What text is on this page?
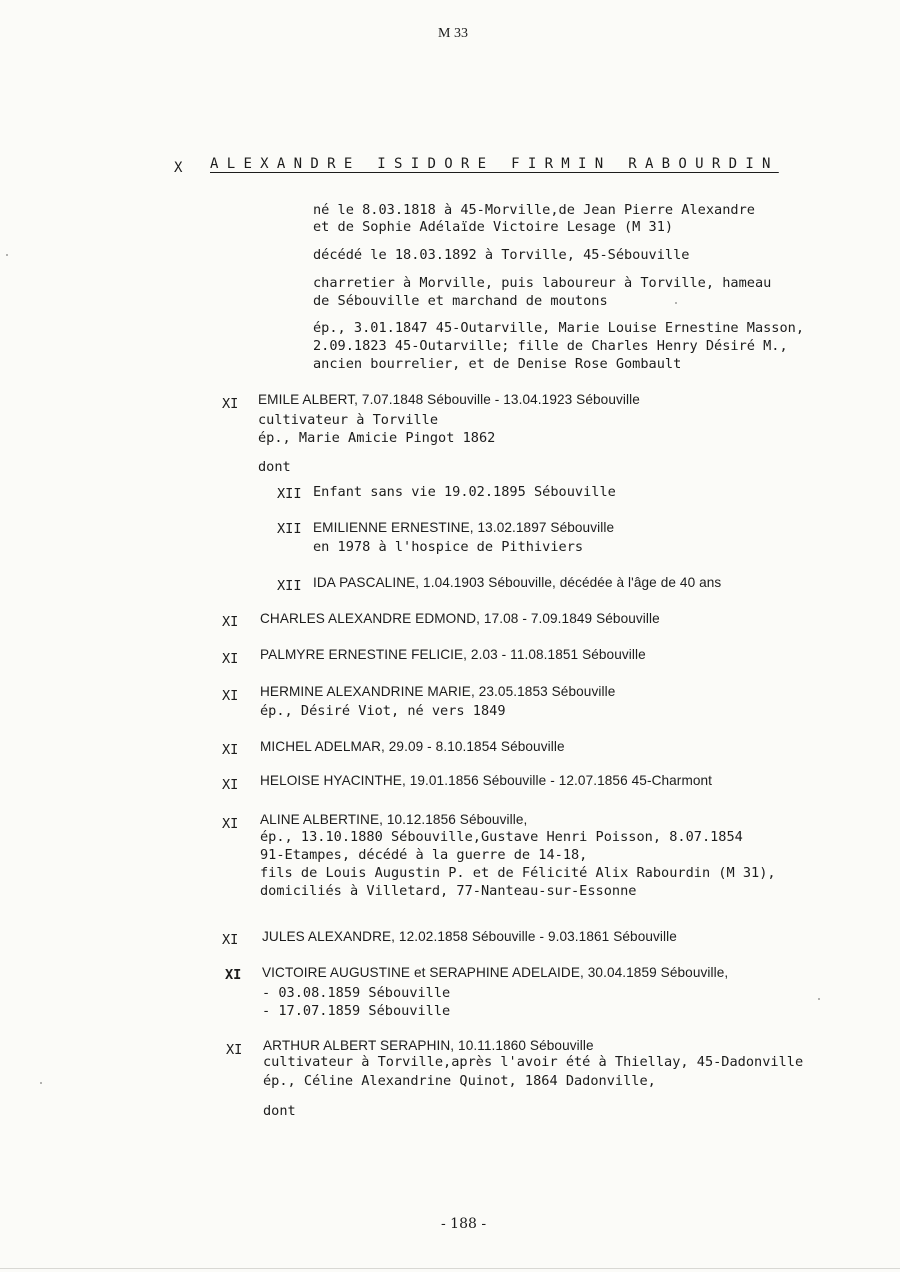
M 33
X ALEXANDRE ISIDORE FIRMIN RABOURDIN
né le 8.03.1818 à 45-Morville,de Jean Pierre Alexandre
et de Sophie Adélaïde Victoire Lesage (M 31)
décédé le 18.03.1892 à Torville, 45-Sébouville
charretier à Morville, puis laboureur à Torville, hameau
de Sébouville et marchand de moutons
ép., 3.01.1847 45-Outarville, Marie Louise Ernestine Masson,
2.09.1823 45-Outarville; fille de Charles Henry Désiré M.,
ancien bourrelier, et de Denise Rose Gombault
XI EMILE ALBERT, 7.07.1848 Sébouville - 13.04.1923 Sébouville
cultivateur à Torville
ép., Marie Amicie Pingot 1862
dont
XII Enfant sans vie 19.02.1895 Sébouville
XII EMILIENNE ERNESTINE, 13.02.1897 Sébouville
en 1978 à l'hospice de Pithiviers
XII IDA PASCALINE, 1.04.1903 Sébouville, décédée à l'âge de 40 ans
XI CHARLES ALEXANDRE EDMOND, 17.08 - 7.09.1849 Sébouville
XI PALMYRE ERNESTINE FELICIE, 2.03 - 11.08.1851 Sébouville
XI HERMINE ALEXANDRINE MARIE, 23.05.1853 Sébouville
ép., Désiré Viot, né vers 1849
XI MICHEL ADELMAR, 29.09 - 8.10.1854 Sébouville
XI HELOISE HYACINTHE, 19.01.1856 Sébouville - 12.07.1856 45-Charmont
XI ALINE ALBERTINE, 10.12.1856 Sébouville,
ép., 13.10.1880 Sébouville,Gustave Henri Poisson, 8.07.1854
91-Etampes, décédé à la guerre de 14-18,
fils de Louis Augustin P. et de Félicité Alix Rabourdin (M 31),
domiciliés à Villetard, 77-Nanteau-sur-Essonne
XI JULES ALEXANDRE, 12.02.1858 Sébouville - 9.03.1861 Sébouville
XI VICTOIRE AUGUSTINE et SERAPHINE ADELAIDE, 30.04.1859 Sébouville,
- 03.08.1859 Sébouville
- 17.07.1859 Sébouville
XI ARTHUR ALBERT SERAPHIN, 10.11.1860 Sébouville
cultivateur à Torville,après l'avoir été à Thiellay, 45-Dadonville
ép., Céline Alexandrine Quinot, 1864 Dadonville,
dont
- 188 -
